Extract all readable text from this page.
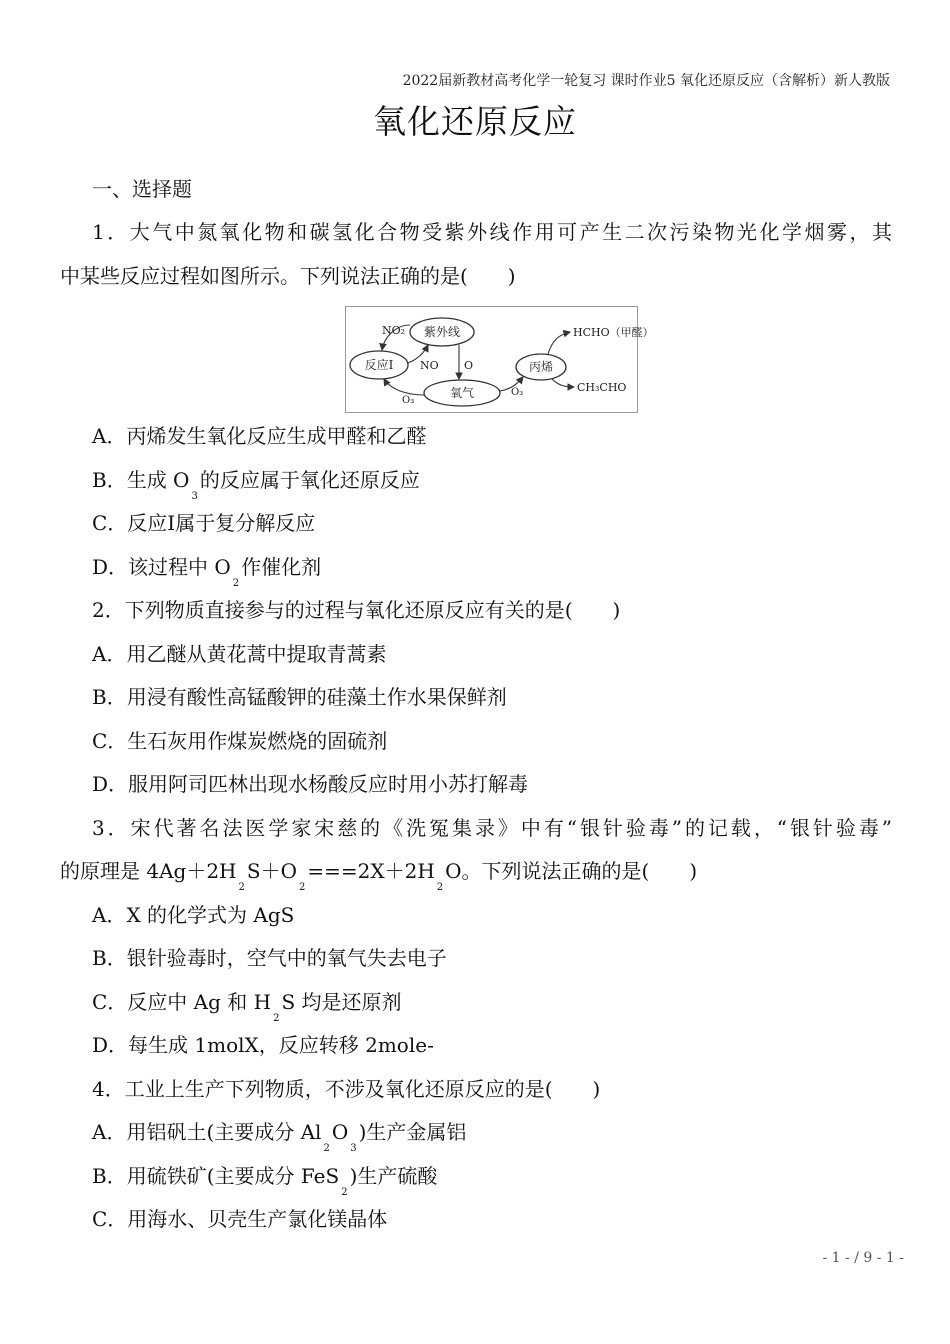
2022届新教材高考化学一轮复习 课时作业5 氧化还原反应（含解析）新人教版
氧化还原反应
一、选择题
1．大气中氮氧化物和碳氢化合物受紫外线作用可产生二次污染物光化学烟雾，其
中某些反应过程如图所示。下列说法正确的是(　　)
NO₂ 紫外线
反应Ⅰ NO O
O₃
氧气	O₃
丙烯
HCHO（甲醛）
CH₃CHO
A．丙烯发生氧化反应生成甲醛和乙醛
B．生成 $O_3$的反应属于氧化还原反应
C．反应Ⅰ属于复分解反应
D．该过程中 $O_2$作催化剂
2．下列物质直接参与的过程与氧化还原反应有关的是(　　)
A．用乙醚从黄花蒿中提取青蒿素
B．用浸有酸性高锰酸钾的硅藻土作水果保鲜剂
C．生石灰用作煤炭燃烧的固硫剂
D．服用阿司匹林出现水杨酸反应时用小苏打解毒
3．宋代著名法医学家宋慈的《洗冤集录》中有“银针验毒”的记载，“银针验毒”
的原理是 $4Ag+2H_2S+O_2===2X+2H_2O$。下列说法正确的是(　　)
A．X 的化学式为 AgS
B．银针验毒时，空气中的氧气失去电子
C．反应中 Ag 和 $H_2S$ 均是还原剂
D．每生成 1molX，反应转移 2mole-
4．工业上生产下列物质，不涉及氧化还原反应的是(　　)
A．用铝矾土(主要成分 $Al_2O_3$)生产金属铝
B．用硫铁矿(主要成分 FeS$_2$)生产硫酸
C．用海水、贝壳生产氯化镁晶体
- 1 - / 9 - 1 -
